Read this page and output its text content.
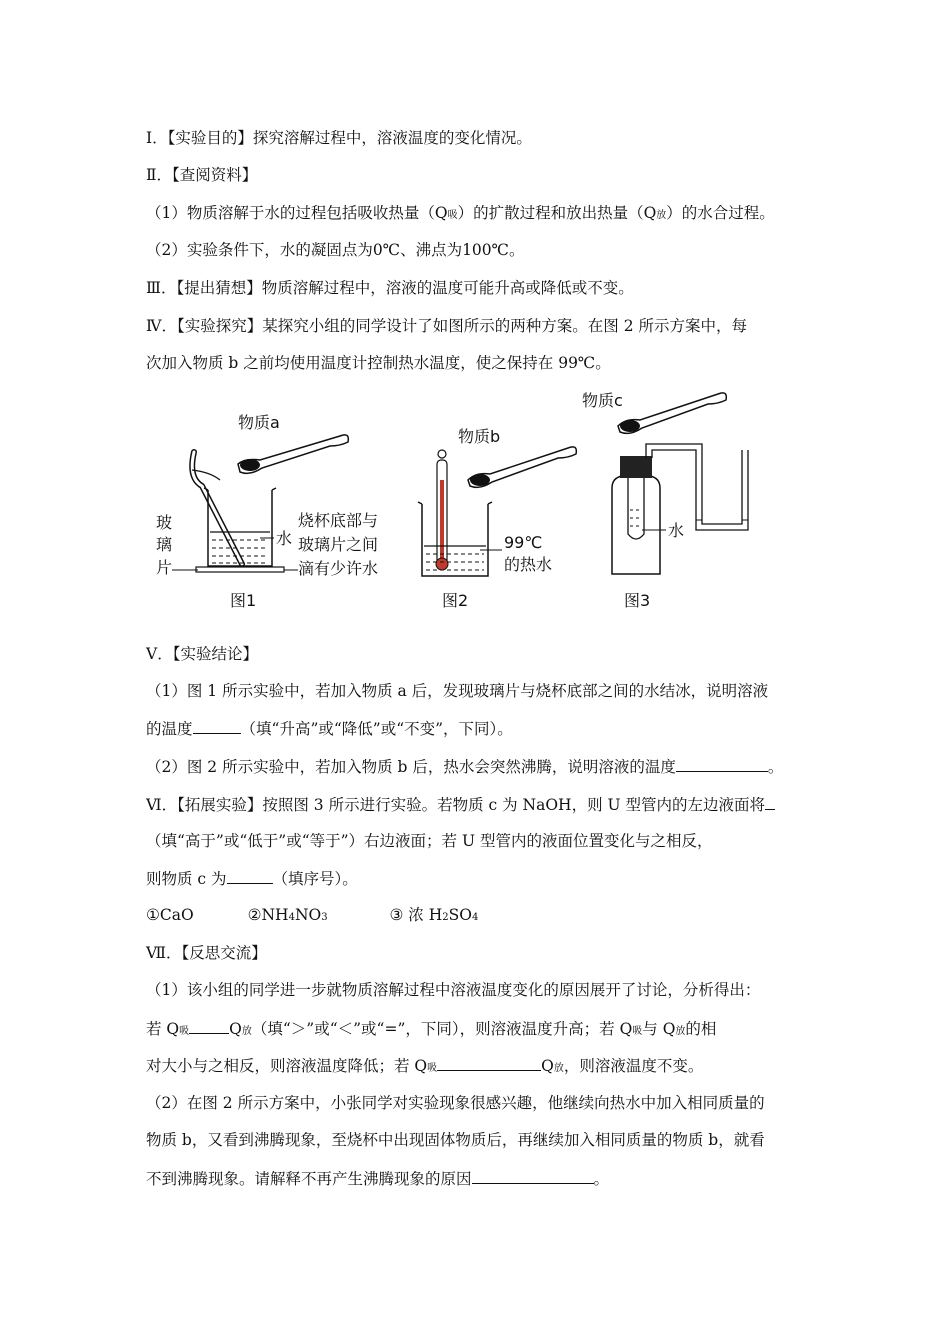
Ⅰ．【实验目的】探究溶解过程中，溶液温度的变化情况。
Ⅱ．【查阅资料】
（1）物质溶解于水的过程包括吸收热量（Q吸）的扩散过程和放出热量（Q放）的水合过程。
（2）实验条件下，水的凝固点为0℃、沸点为100℃。
Ⅲ．【提出猜想】物质溶解过程中，溶液的温度可能升高或降低或不变。
Ⅳ．【实验探究】某探究小组的同学设计了如图所示的两种方案。在图 2 所示方案中，每
次加入物质 b 之前均使用温度计控制热水温度，使之保持在 99℃。
物质a
玻
璃
片
水
烧杯底部与
玻璃片之间
滴有少许水
图1
物质b
99℃
的热水
图2
物质c
水
图3
Ⅴ．【实验结论】
（1）图 1 所示实验中，若加入物质 a 后，发现玻璃片与烧杯底部之间的水结冰，说明溶液
的温度	（填“升高”或“降低”或“不变”，下同）。
（2）图 2 所示实验中，若加入物质 b 后，热水会突然沸腾，说明溶液的温度	。
Ⅵ．【拓展实验】按照图 3 所示进行实验。若物质 c 为 NaOH，则 U 型管内的左边液面将
（填“高于”或“低于”或“等于”）右边液面；若 U 型管内的液面位置变化与之相反，
则物质 c 为	（填序号）。
①CaO	②NH4NO3	③ 浓 H2SO4
Ⅶ．【反思交流】
（1）该小组的同学进一步就物质溶解过程中溶液温度变化的原因展开了讨论，分析得出：
若 Q吸	Q放（填“＞”或“＜”或“=”，下同），则溶液温度升高；若 Q吸与 Q放的相
对大小与之相反，则溶液温度降低；若 Q吸	Q放，则溶液温度不变。
（2）在图 2 所示方案中，小张同学对实验现象很感兴趣，他继续向热水中加入相同质量的
物质 b，又看到沸腾现象，至烧杯中出现固体物质后，再继续加入相同质量的物质 b，就看
不到沸腾现象。请解释不再产生沸腾现象的原因	。
